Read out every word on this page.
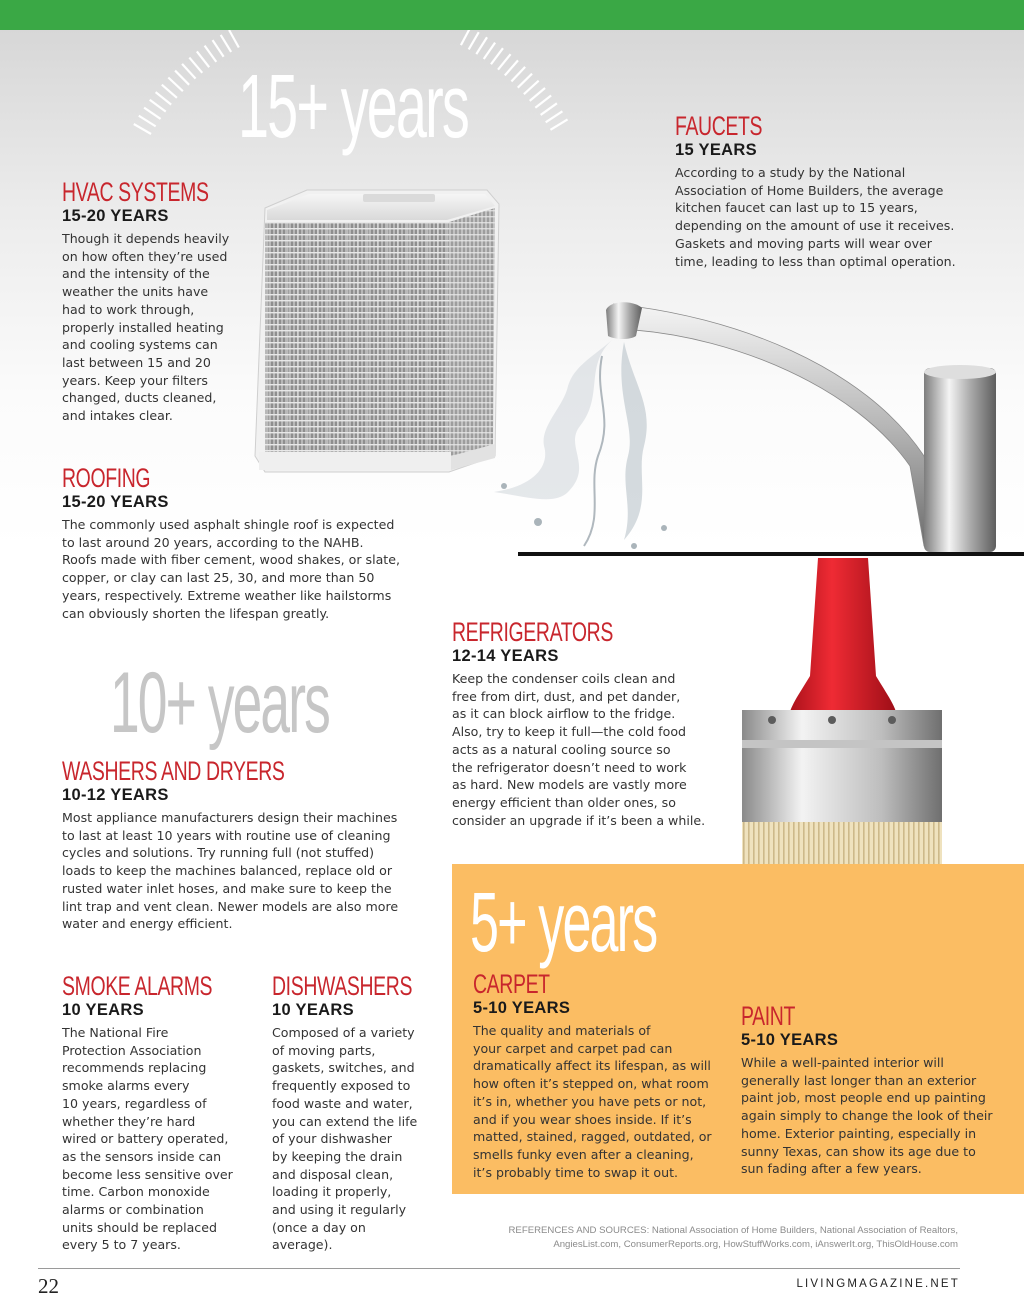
15+ years
HVAC SYSTEMS
15-20 YEARS
Though it depends heavily
on how often they’re used
and the intensity of the
weather the units have
had to work through,
properly installed heating
and cooling systems can
last between 15 and 20
years. Keep your filters
changed, ducts cleaned,
and intakes clear.
FAUCETS
15 YEARS
According to a study by the National
Association of Home Builders, the average
kitchen faucet can last up to 15 years,
depending on the amount of use it receives.
Gaskets and moving parts will wear over
time, leading to less than optimal operation.
ROOFING
15-20 YEARS
The commonly used asphalt shingle roof is expected
to last around 20 years, according to the NAHB.
Roofs made with fiber cement, wood shakes, or slate,
copper, or clay can last 25, 30, and more than 50
years, respectively. Extreme weather like hailstorms
can obviously shorten the lifespan greatly.
10+ years
REFRIGERATORS
12-14 YEARS
Keep the condenser coils clean and
free from dirt, dust, and pet dander,
as it can block airflow to the fridge.
Also, try to keep it full—the cold food
acts as a natural cooling source so
the refrigerator doesn’t need to work
as hard. New models are vastly more
energy efficient than older ones, so
consider an upgrade if it’s been a while.
WASHERS AND DRYERS
10-12 YEARS
Most appliance manufacturers design their machines
to last at least 10 years with routine use of cleaning
cycles and solutions. Try running full (not stuffed)
loads to keep the machines balanced, replace old or
rusted water inlet hoses, and make sure to keep the
lint trap and vent clean. Newer models are also more
water and energy efficient.	5+ years
SMOKE ALARMS
10 YEARS
The National Fire
Protection Association
recommends replacing
smoke alarms every
10 years, regardless of
whether they’re hard
wired or battery operated,
as the sensors inside can
become less sensitive over
time. Carbon monoxide
alarms or combination
units should be replaced
every 5 to 7 years.
DISHWASHERS
10 YEARS
Composed of a variety
of moving parts,
gaskets, switches, and
frequently exposed to
food waste and water,
you can extend the life
of your dishwasher
by keeping the drain
and disposal clean,
loading it properly,
and using it regularly
(once a day on
average).
CARPET
5-10 YEARS
The quality and materials of
your carpet and carpet pad can
dramatically affect its lifespan, as will
how often it’s stepped on, what room
it’s in, whether you have pets or not,
and if you wear shoes inside. If it’s
matted, stained, ragged, outdated, or
smells funky even after a cleaning,
it’s probably time to swap it out.
PAINT
5-10 YEARS
While a well-painted interior will
generally last longer than an exterior
paint job, most people end up painting
again simply to change the look of their
home. Exterior painting, especially in
sunny Texas, can show its age due to
sun fading after a few years.
REFERENCES AND SOURCES: National Association of Home Builders, National Association of Realtors,
AngiesList.com, ConsumerReports.org, HowStuffWorks.com, iAnswerIt.org, ThisOldHouse.com
22	LIVINGMAGAZINE.NET
